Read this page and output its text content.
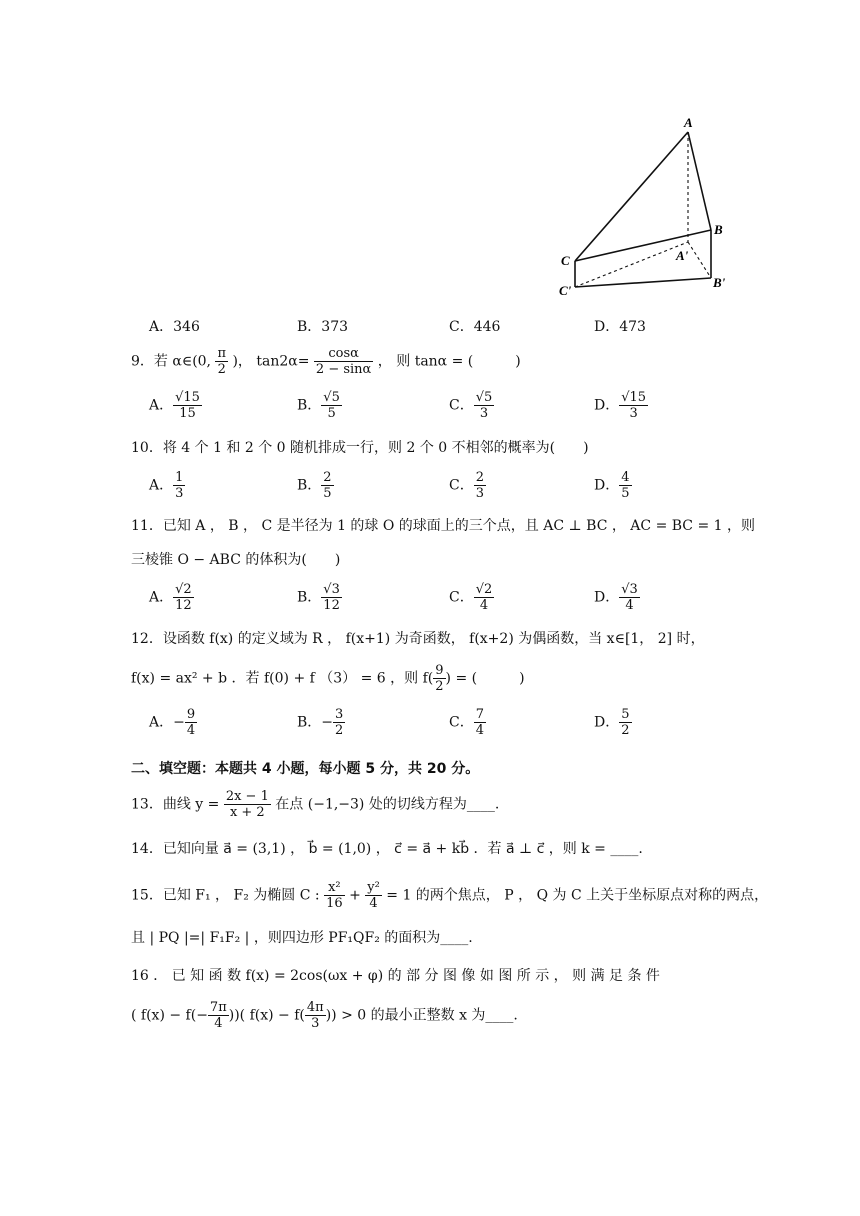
A
B
C	A'
B'
C'
A．346	B．373	C．446	D．473
9．若 α∈(0, $\frac{\pi}{2}$ )， $\tan 2\alpha= \frac{\cos\alpha}{2 - \sin\alpha}$ ， 则 tanα = (　　　)
A． $\frac{√15}{15}$	B． $\frac{√5}{5}$	C． $\frac{√5}{3}$	D． $\frac{√15}{3}$
10．将 4 个 1 和 2 个 0 随机排成一行，则 2 个 0 不相邻的概率为(　　)
A． $\frac{1}{3}$	B． $\frac{2}{5}$	C． $\frac{2}{3}$	D． $\frac{4}{5}$
11．已知 A ， B ， C 是半径为 1 的球 O 的球面上的三个点，且 AC ⊥ BC ， AC = BC = 1 ，则
三棱锥 O − ABC 的体积为(　　)
A． $\frac{√2}{12}$	B． $\frac{√3}{12}$	C． $\frac{√2}{4}$	D． $\frac{√3}{4}$
12．设函数 f(x) 的定义域为 R ， f(x+1) 为奇函数， f(x+2) 为偶函数，当 x∈[1， 2] 时，
f(x) = ax² + b ．若 f(0) + f （3） = 6 ，则 $f( \frac{9}{2}$ ) = (　　　)
A．− $\frac{9}{4}$	B．− $\frac{3}{2}$	C． $\frac{7}{4}$	D． $\frac{5}{2}$
二、填空题：本题共 4 小题，每小题 5 分，共 20 分。
13．曲线 $y = \frac{2x - 1}{x + 2}$ 在点 (−1,−3) 处的切线方程为____.
14．已知向量 a⃗ = (3,1) ， b⃗ = (1,0) ， c⃗ = a⃗ + kb⃗ ．若 a⃗ ⊥ c⃗ ，则 k = ____.
15．已知 F₁ ， F₂ 为椭圆 C : $\frac{\text{x²}}{16} + \frac{\text{y²}}{4} = 1$ 的两个焦点， P ， Q 为 C 上关于坐标原点对称的两点，
且 | PQ |=| F₁F₂ | ，则四边形 PF₁QF₂ 的面积为____.
16 ． 已 知 函 数 f(x) = 2cos(ωx + φ) 的 部 分 图 像 如 图 所 示 ， 则 满 足 条 件
( $f(x) - f(- \frac{7\pi}{4}$ ))( $f(x) - f( \frac{4\pi}{3}$ )) > 0 的最小正整数 x 为____.
